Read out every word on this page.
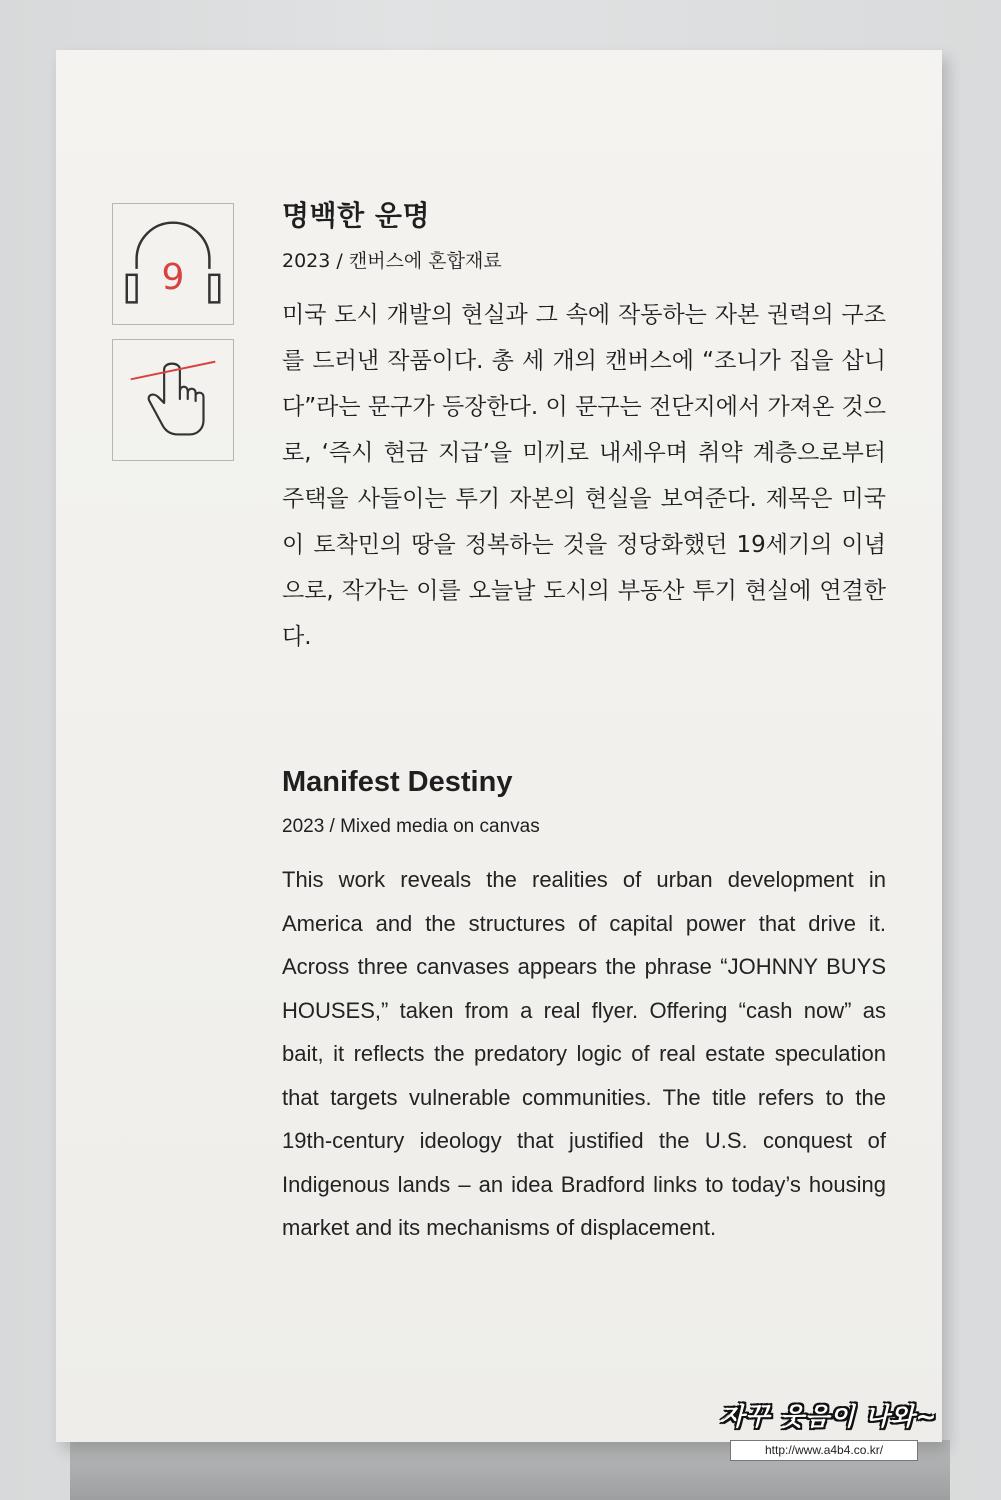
9
명백한 운명

2023 / 캔버스에 혼합재료

미국 도시 개발의 현실과 그 속에 작동하는 자본 권력의 구조를 드러낸 작품이다. 총 세 개의 캔버스에 “조니가 집을 삽니다”라는 문구가 등장한다. 이 문구는 전단지에서 가져온 것으로, ‘즉시 현금 지급’을 미끼로 내세우며 취약 계층으로부터 주택을 사들이는 투기 자본의 현실을 보여준다. 제목은 미국이 토착민의 땅을 정복하는 것을 정당화했던 19세기의 이념으로, 작가는 이를 오늘날 도시의 부동산 투기 현실에 연결한다.

Manifest Destiny

2023 / Mixed media on canvas

This work reveals the realities of urban development in America and the structures of capital power that drive it. Across three canvases appears the phrase “JOHNNY BUYS HOUSES,” taken from a real flyer. Offering “cash now” as bait, it reflects the predatory logic of real estate speculation that targets vulnerable communities. The title refers to the 19th-century ideology that justified the U.S. conquest of Indigenous lands – an idea Bradford links to today’s housing market and its mechanisms of displacement.

자꾸 웃음이 나와~
http://www.a4b4.co.kr/
